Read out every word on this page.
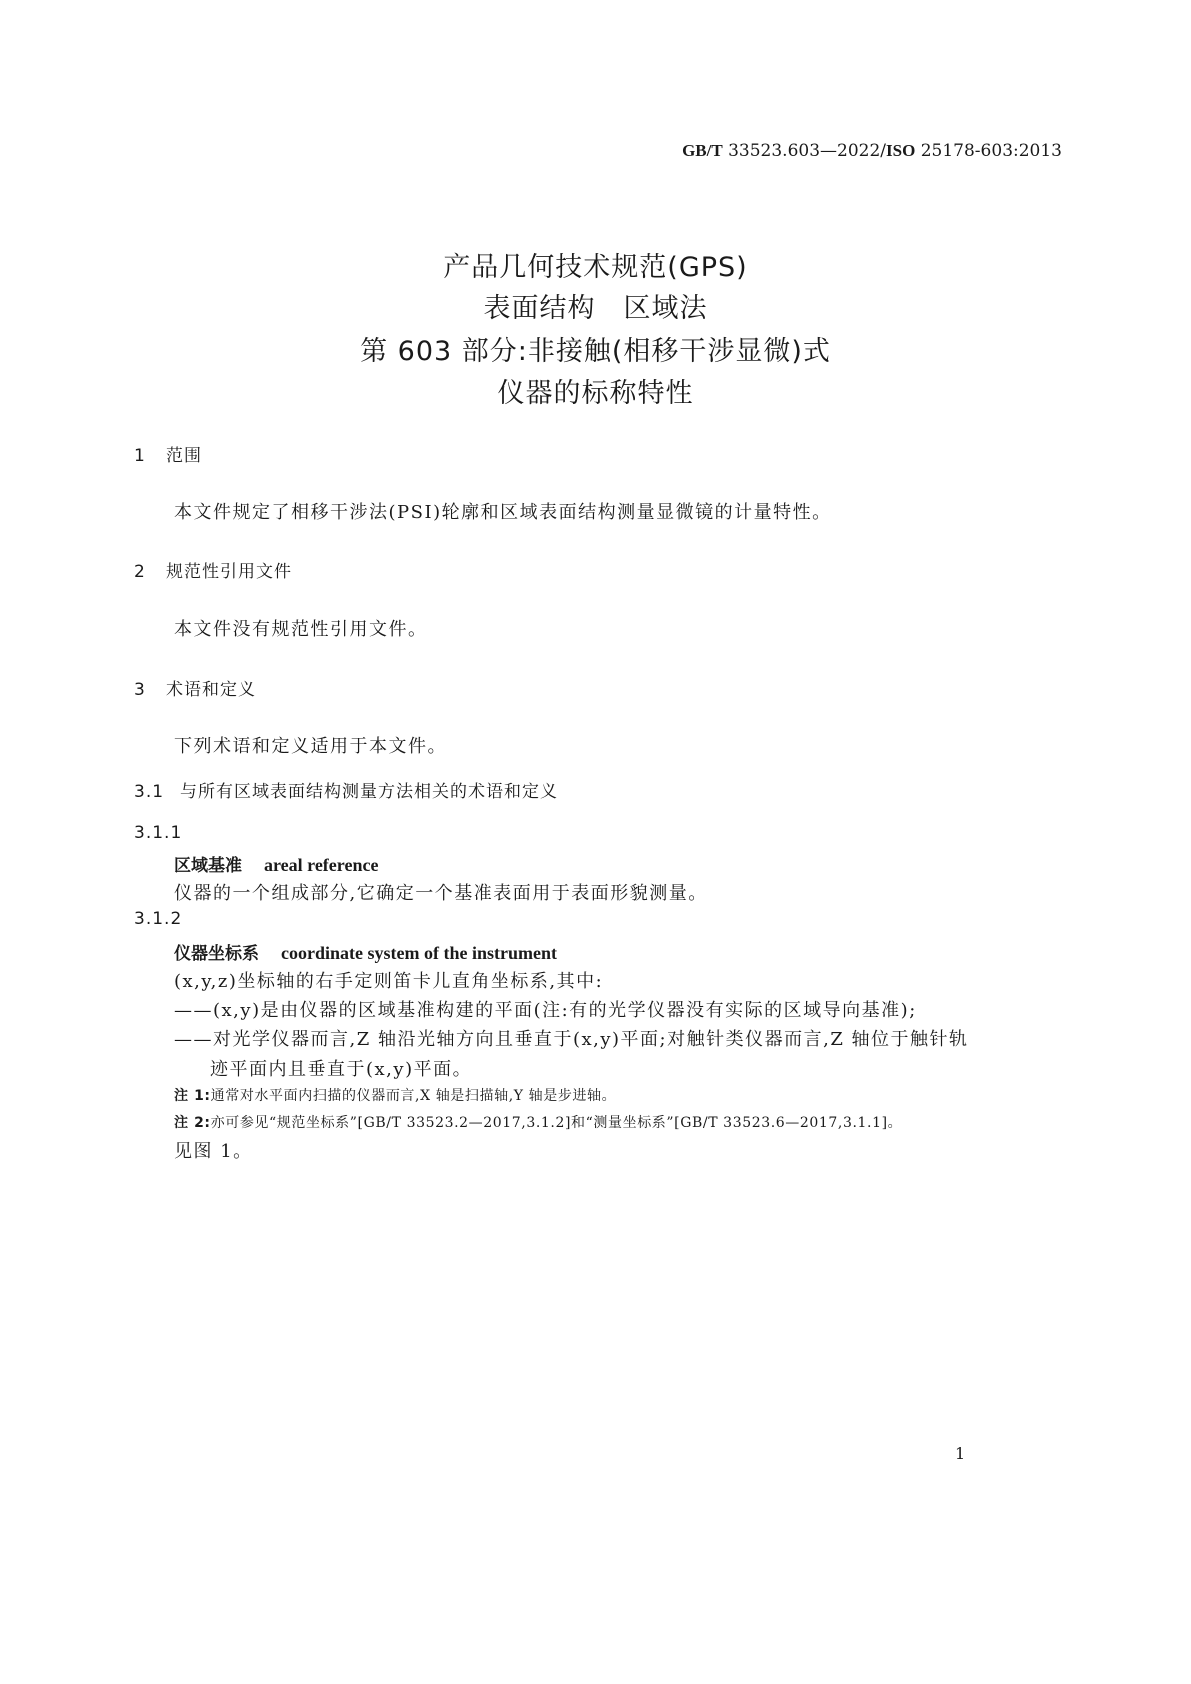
GB/T 33523.603—2022/ISO 25178-603:2013
产品几何技术规范(GPS)
表面结构　区域法
第 603 部分:非接触(相移干涉显微)式
仪器的标称特性
1 范围
本文件规定了相移干涉法(PSI)轮廓和区域表面结构测量显微镜的计量特性。
2 规范性引用文件
本文件没有规范性引用文件。
3 术语和定义
下列术语和定义适用于本文件。
3.1 与所有区域表面结构测量方法相关的术语和定义
3.1.1
区域基准 areal reference
仪器的一个组成部分,它确定一个基准表面用于表面形貌测量。
3.1.2
仪器坐标系 coordinate system of the instrument
(x,y,z)坐标轴的右手定则笛卡儿直角坐标系,其中:
——(x,y)是由仪器的区域基准构建的平面(注:有的光学仪器没有实际的区域导向基准);
——对光学仪器而言,Z 轴沿光轴方向且垂直于(x,y)平面;对触针类仪器而言,Z 轴位于触针轨
迹平面内且垂直于(x,y)平面。
注 1:通常对水平面内扫描的仪器而言,X 轴是扫描轴,Y 轴是步进轴。
注 2:亦可参见“规范坐标系”[GB/T 33523.2—2017,3.1.2]和“测量坐标系”[GB/T 33523.6—2017,3.1.1]。
见图 1。
1
